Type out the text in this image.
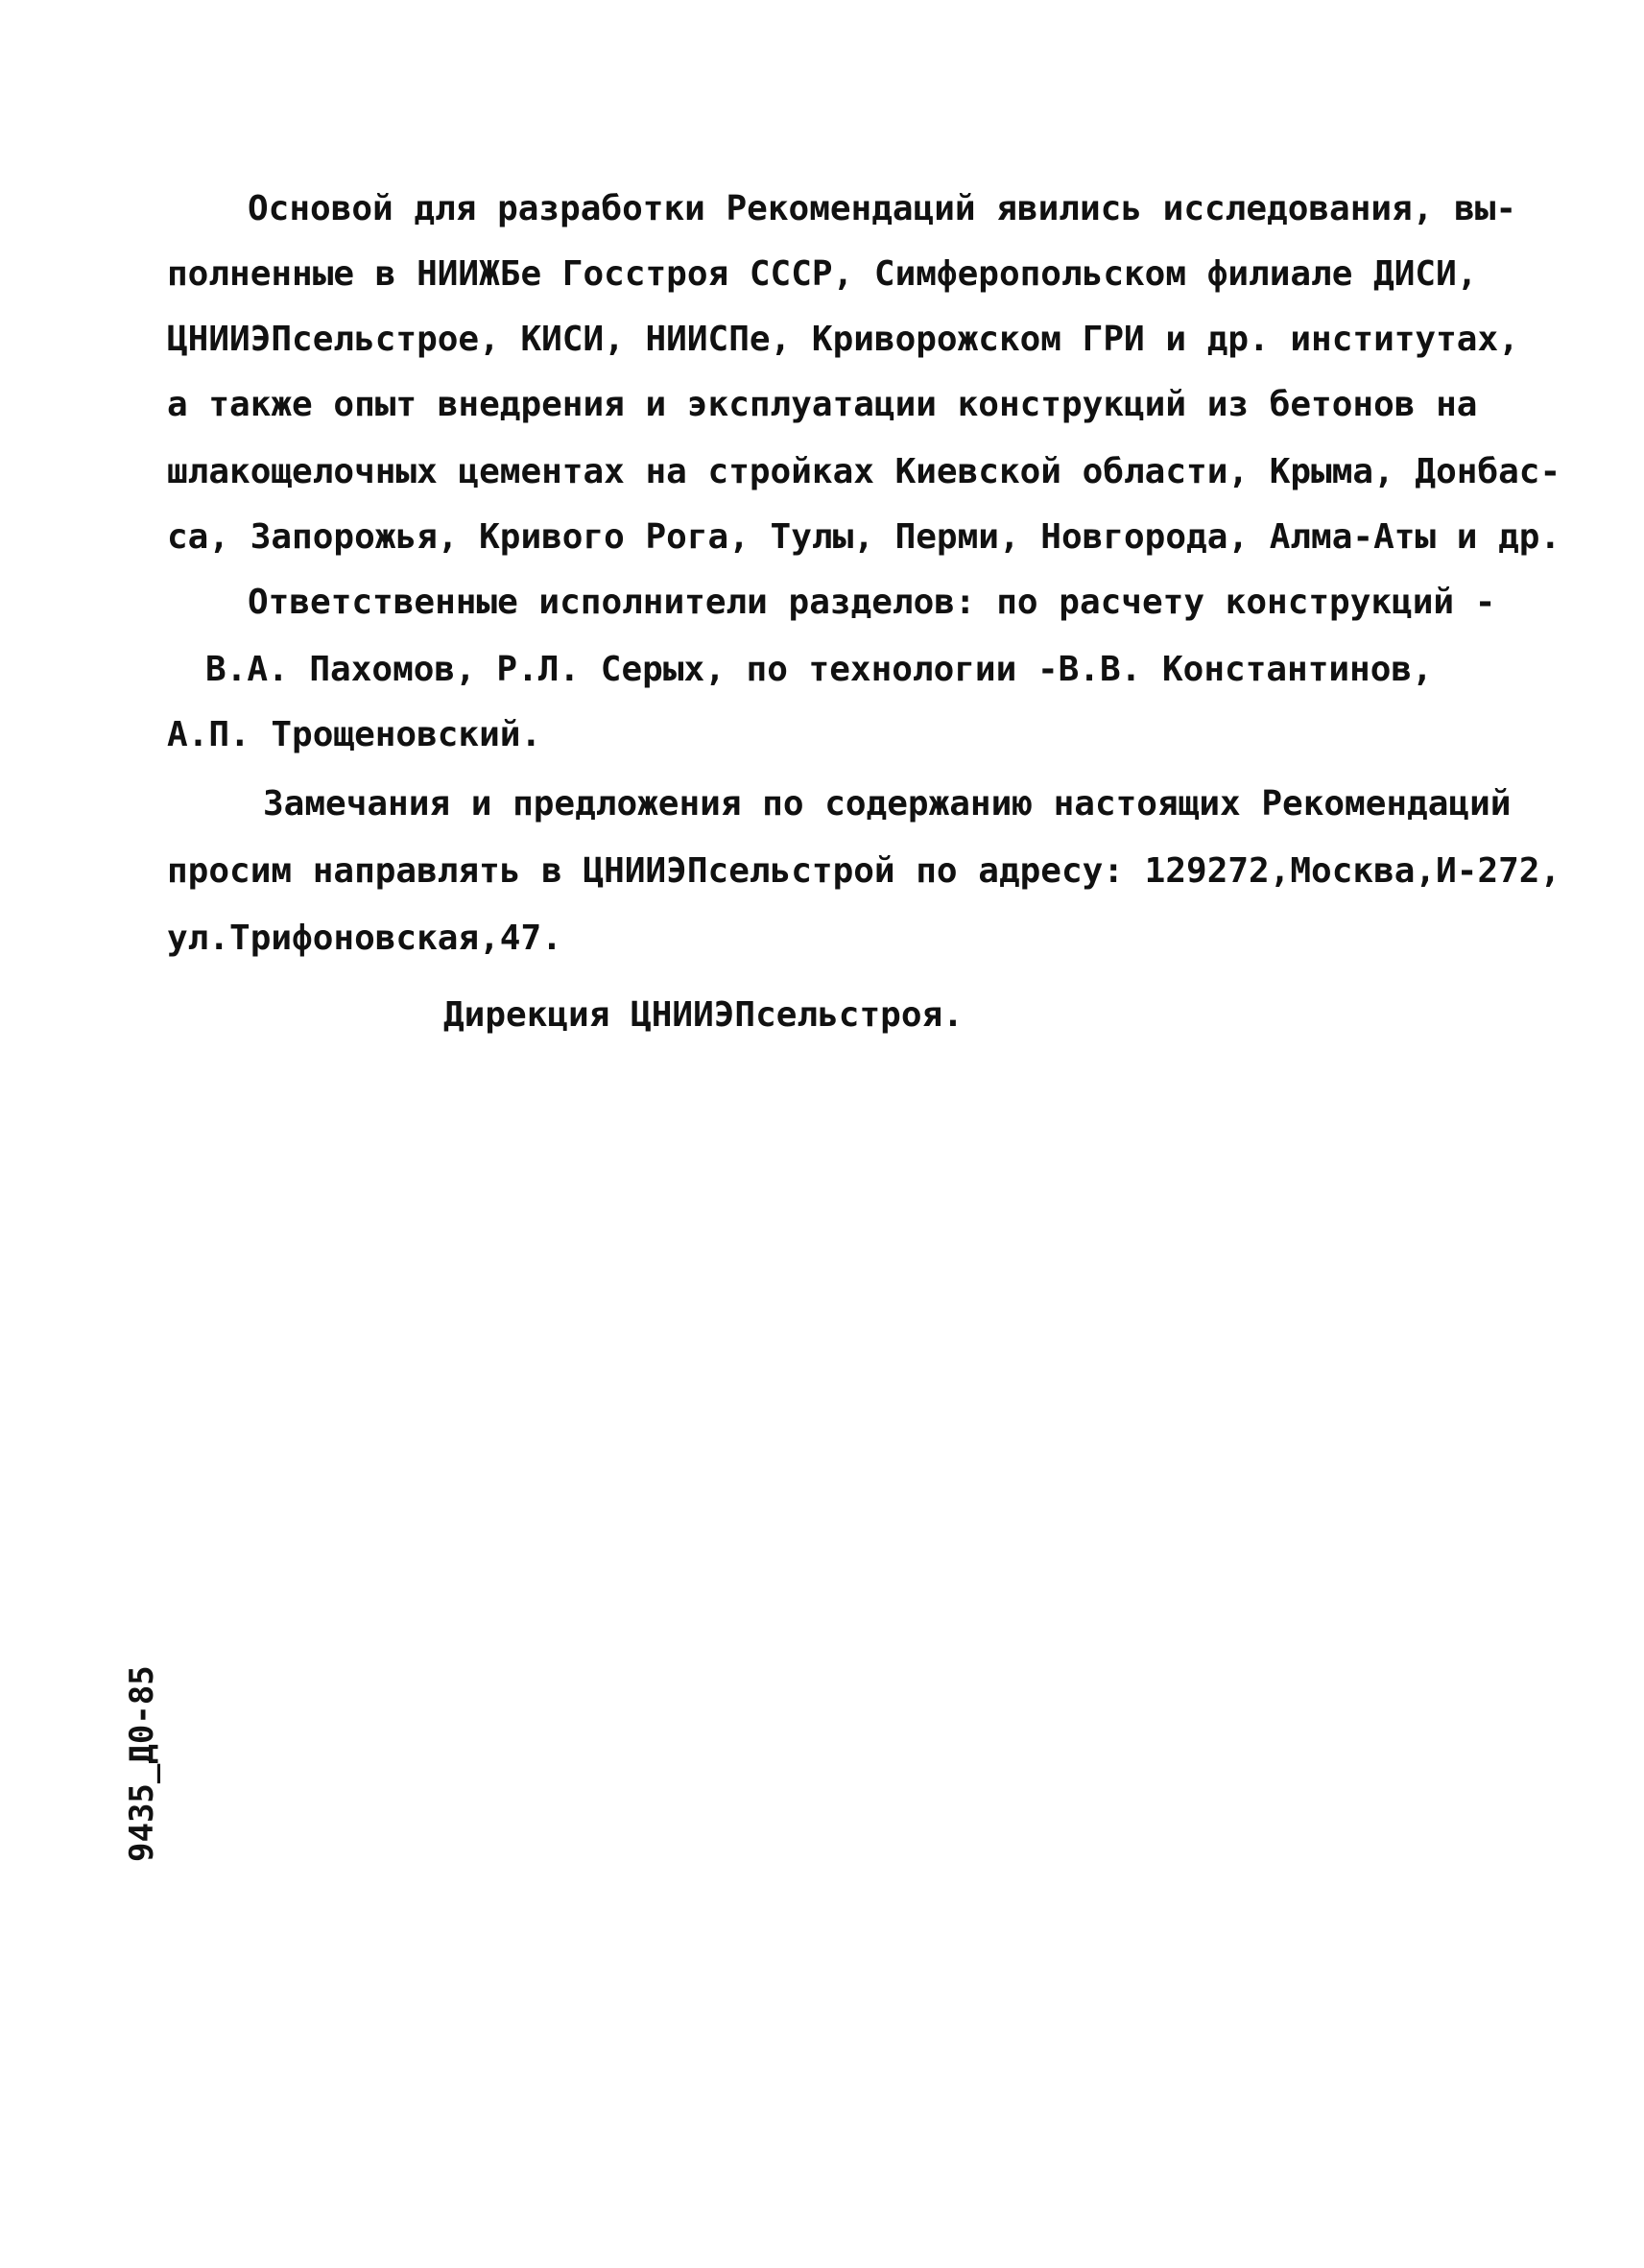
Основой для разработки Рекомендаций явились исследования, вы-
полненные в НИИЖБе Госстроя СССР, Симферопольском филиале ДИСИ,
ЦНИИЭПсельстрое, КИСИ, НИИСПе, Криворожском ГРИ и др. институтах,
а также опыт внедрения и эксплуатации конструкций из бетонов на
шлакощелочных цементах на стройках Киевской области, Крыма, Донбас-
са, Запорожья, Кривого Рога, Тулы, Перми, Новгорода, Алма-Аты и др.
Ответственные исполнители разделов: по расчету конструкций -
В.А. Пахомов, Р.Л. Серых, по технологии -В.В. Константинов,
А.П. Трощеновский.
Замечания и предложения по содержанию настоящих Рекомендаций
просим направлять в ЦНИИЭПсельстрой по адресу: 129272,Москва,И-272,
ул.Трифоновская,47.
Дирекция ЦНИИЭПсельстроя.
9435_Д0-85
